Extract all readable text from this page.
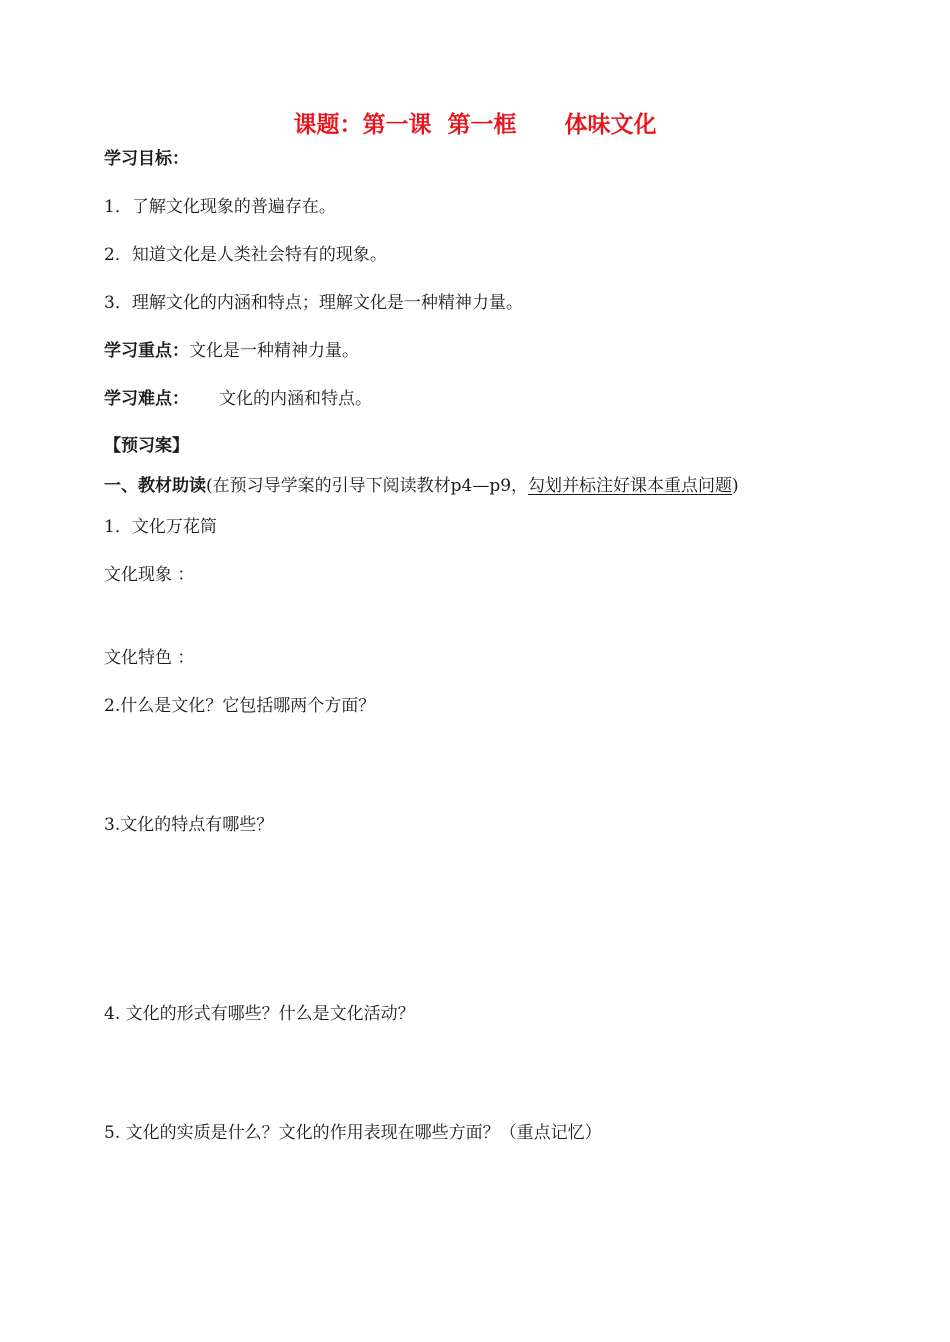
课题：第一课  第一框      体味文化
学习目标：
1．了解文化现象的普遍存在。
2．知道文化是人类社会特有的现象。
3．理解文化的内涵和特点；理解文化是一种精神力量。
学习重点：文化是一种精神力量。
学习难点： 文化的内涵和特点。
【预习案】
一、教材助读(在预习导学案的引导下阅读教材p4—p9，勾划并标注好课本重点问题)
1．文化万花筒
文化现象 ：
文化特色 ：
2.什么是文化？它包括哪两个方面？
3.文化的特点有哪些？
4. 文化的形式有哪些？什么是文化活动？
5. 文化的实质是什么？文化的作用表现在哪些方面？（重点记忆）
